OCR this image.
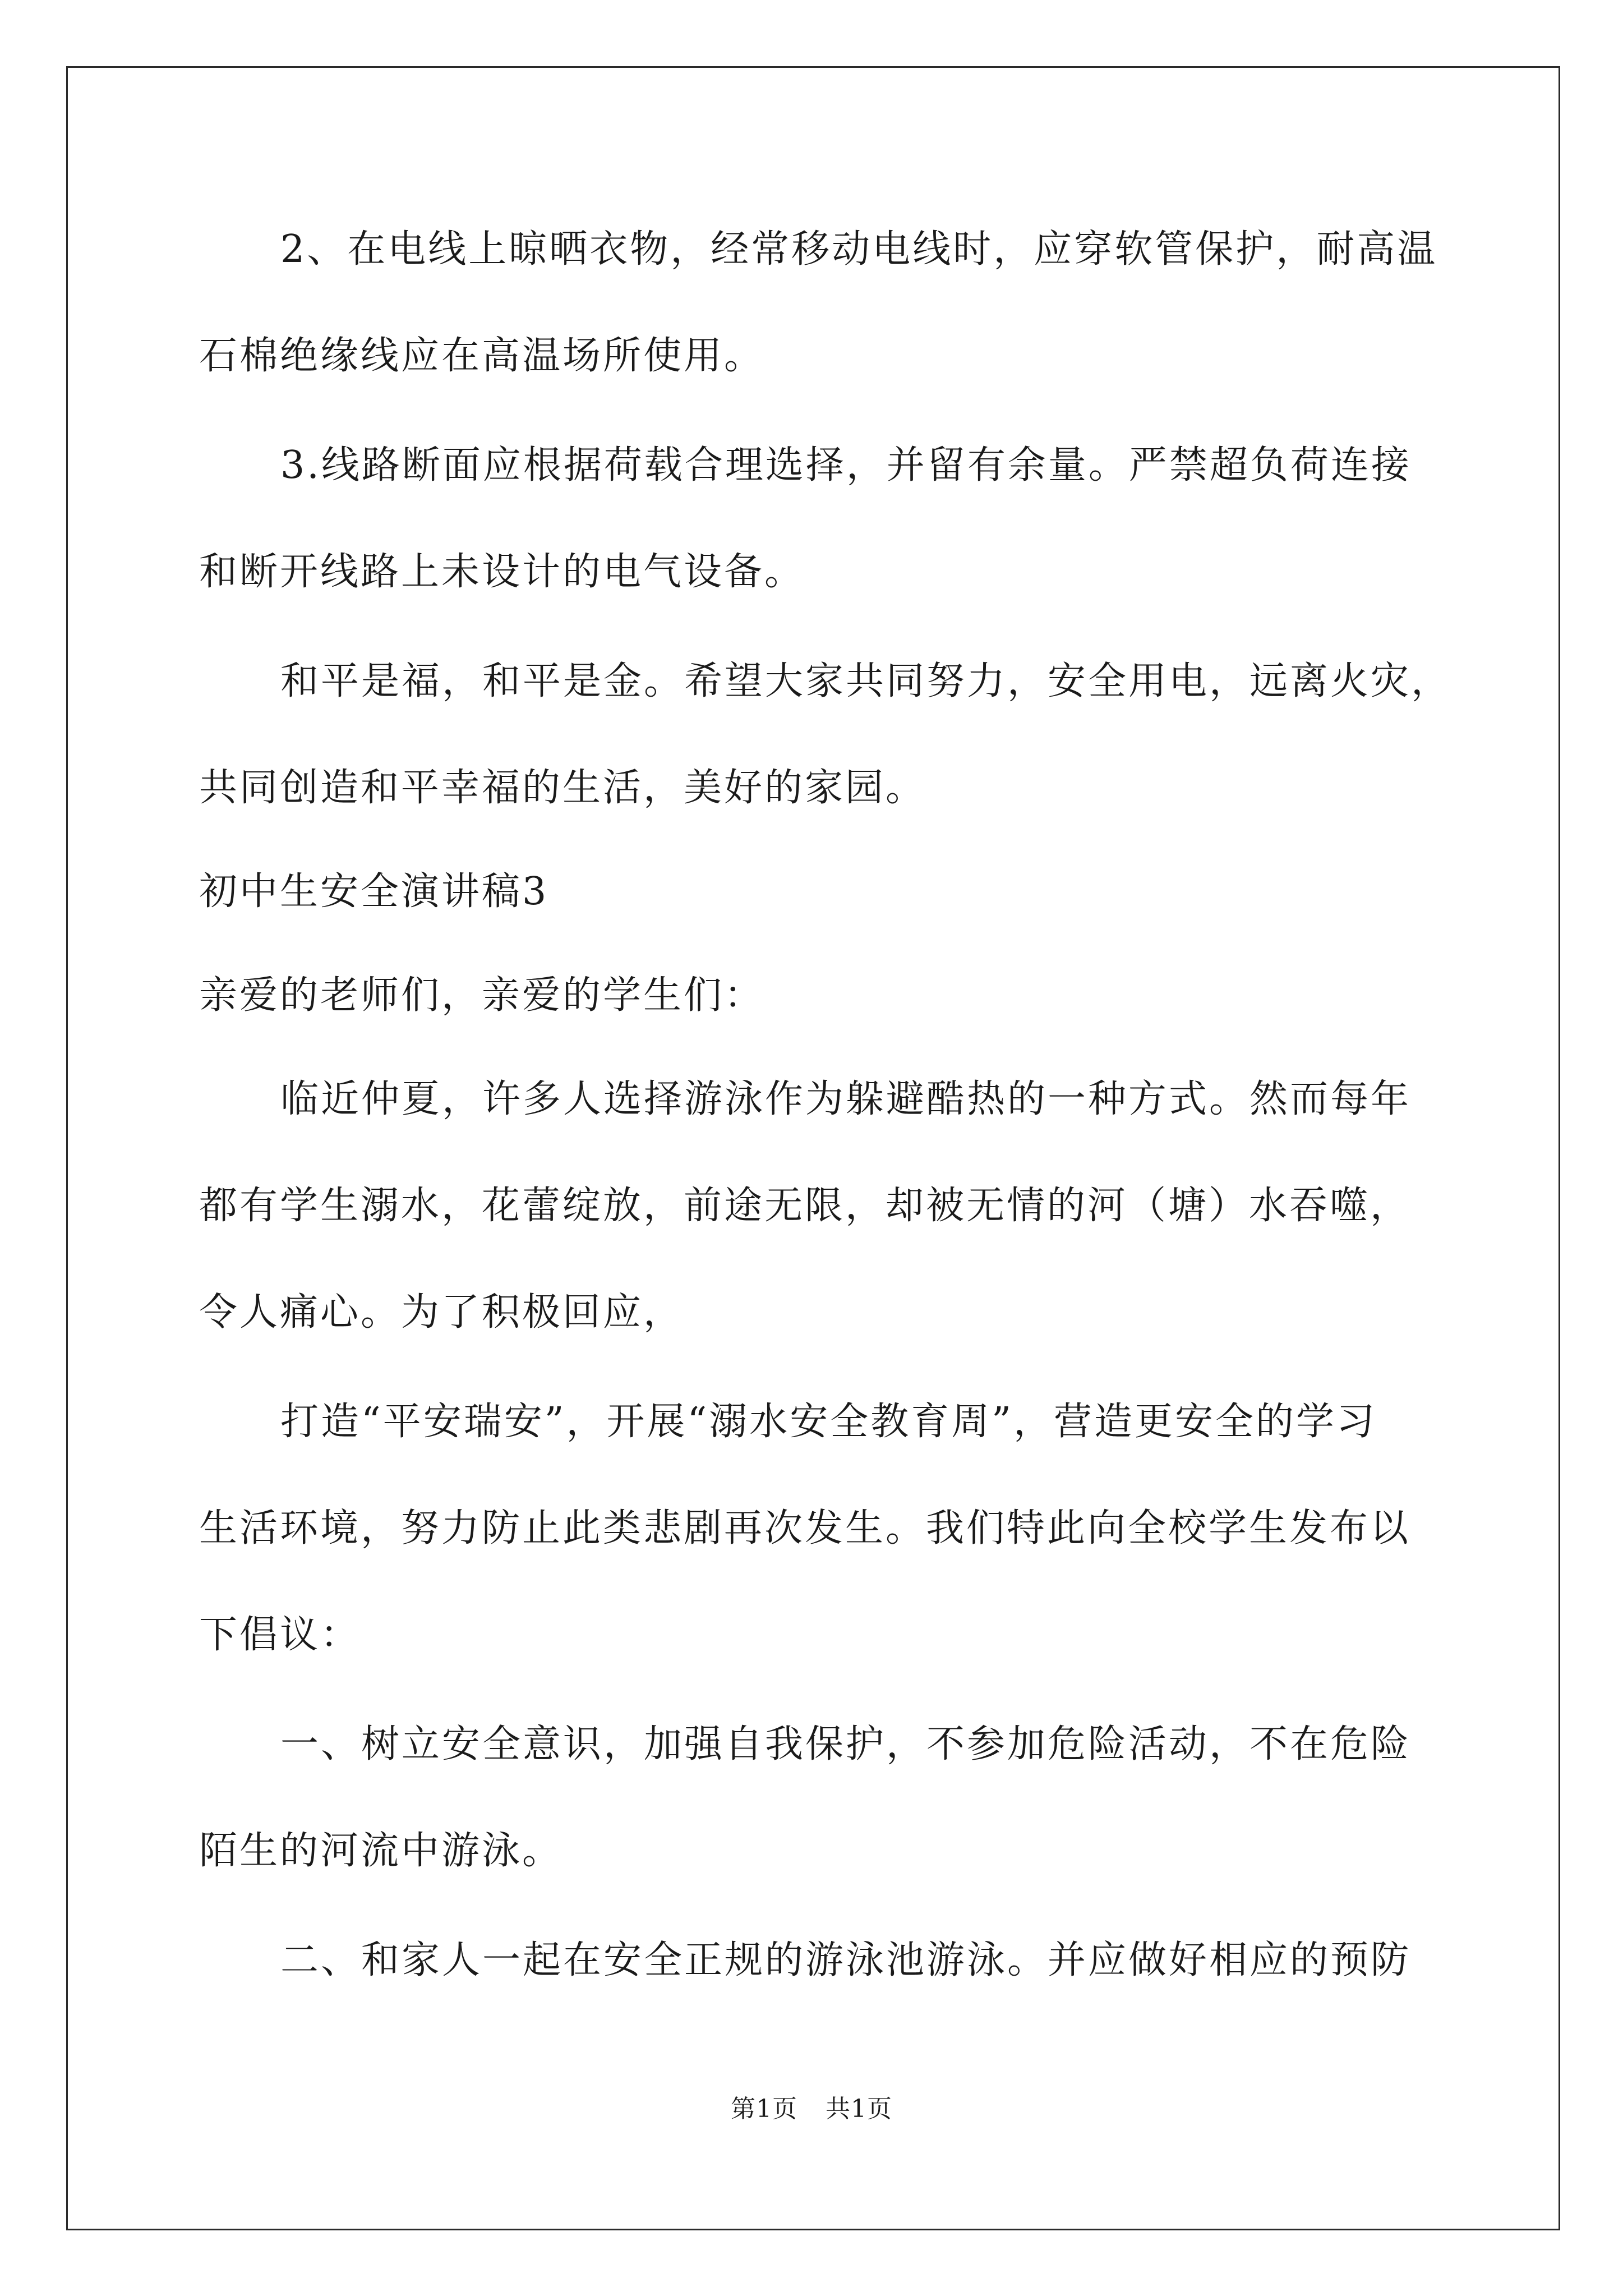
2、在电线上晾晒衣物，经常移动电线时，应穿软管保护，耐高温

石棉绝缘线应在高温场所使用。

3.线路断面应根据荷载合理选择，并留有余量。严禁超负荷连接

和断开线路上未设计的电气设备。

和平是福，和平是金。希望大家共同努力，安全用电，远离火灾，

共同创造和平幸福的生活，美好的家园。

初中生安全演讲稿3

亲爱的老师们，亲爱的学生们：

临近仲夏，许多人选择游泳作为躲避酷热的一种方式。然而每年

都有学生溺水，花蕾绽放，前途无限，却被无情的河（塘）水吞噬，

令人痛心。为了积极回应，

打造“平安瑞安”，开展“溺水安全教育周”，营造更安全的学习

生活环境，努力防止此类悲剧再次发生。我们特此向全校学生发布以

下倡议：

一、树立安全意识，加强自我保护，不参加危险活动，不在危险

陌生的河流中游泳。

二、和家人一起在安全正规的游泳池游泳。并应做好相应的预防

第1页 共1页
